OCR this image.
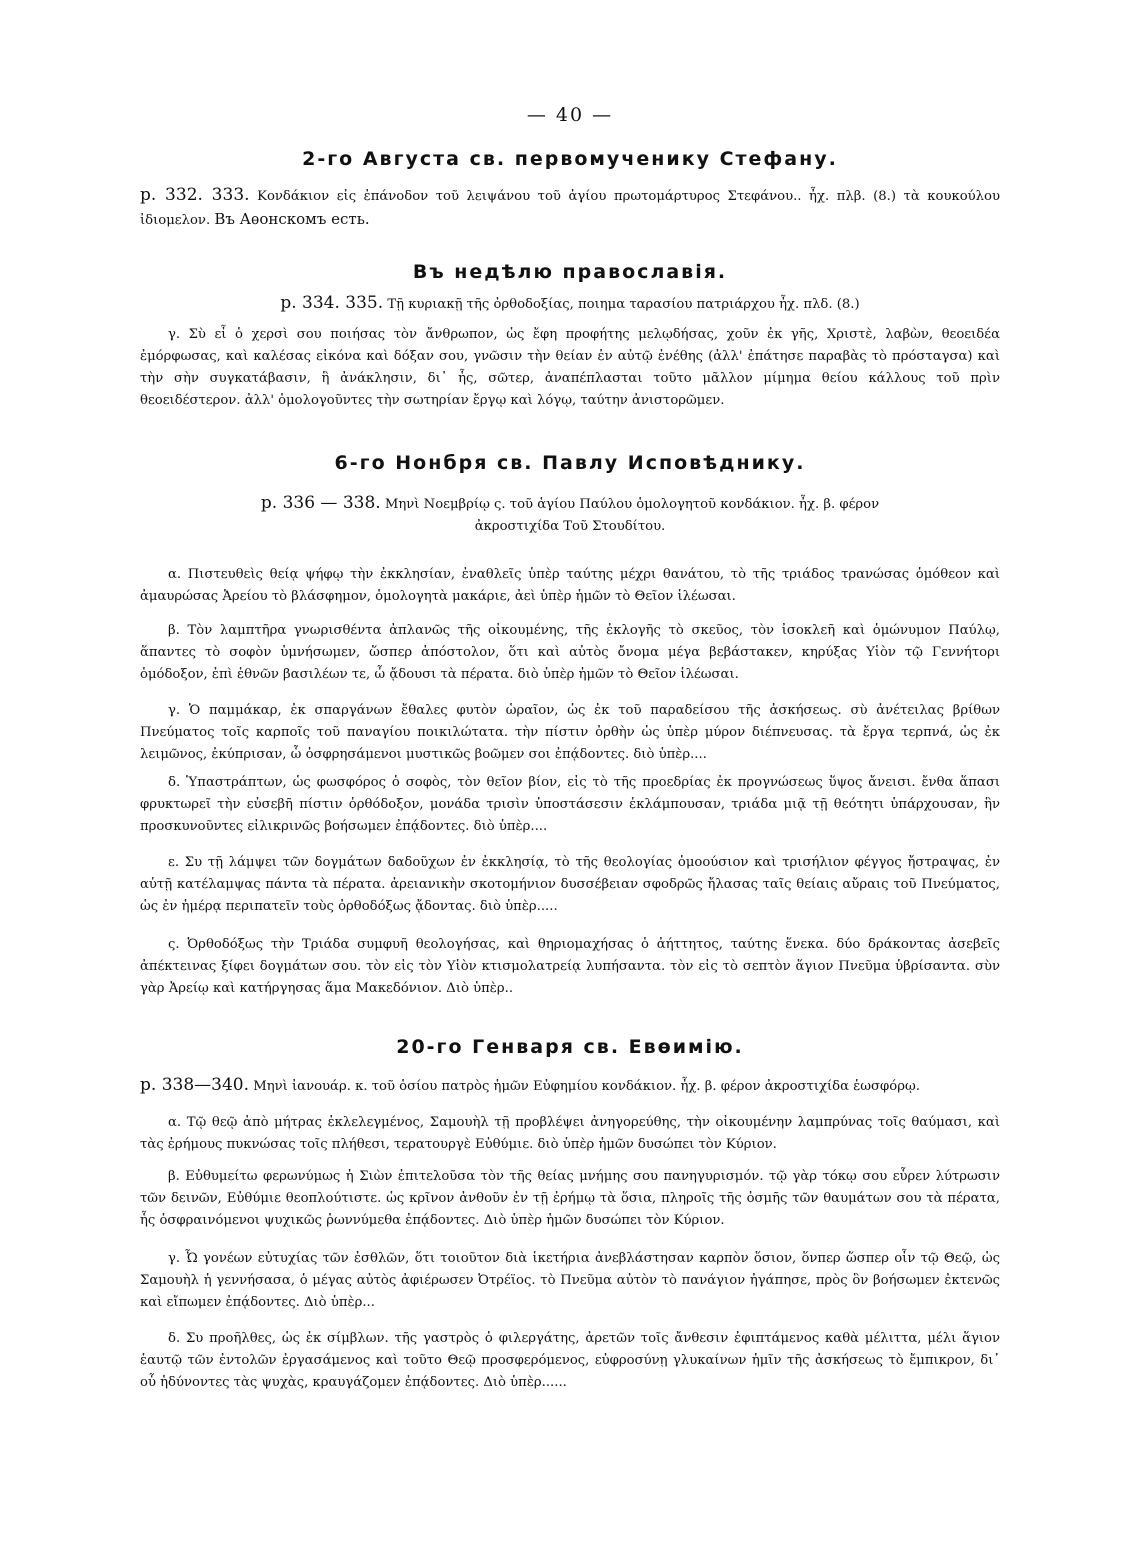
— 40 —
2-го Августа св. первомученику Стефану.

p. 332. 333. Κονδάκιον εἰς ἐπάνοδον τοῦ λειψάνου τοῦ ἁγίου πρωτομάρτυρος Στεφάνου.. ἦχ. πλβ. (8.) τὰ κουκούλου ἰδιομελον. Въ Аѳонскомъ есть.

Въ недѣлю православія.

p. 334. 335. Τῇ κυριακῇ τῆς ὀρθοδοξίας, ποιημα ταρασίου πατριάρχου ἦχ. πλδ. (8.)

γ. Σὺ εἶ ὁ χερσὶ σου ποιήσας τὸν ἄνθρωπον, ὡς ἔφη προφήτης μελῳδήσας, χοῦν ἐκ γῆς, Χριστὲ, λαβὼν, θεοειδέα ἐμόρφωσας, καὶ καλέσας εἰκόνα καὶ δόξαν σου, γνῶσιν τὴν θείαν ἐν αὐτῷ ἐνέθης (ἀλλ' ἐπάτησε παραβὰς τὸ πρόσταγσα) καὶ τὴν σὴν συγκατάβασιν, ἣ ἀνάκλησιν, δι᾽ ἧς, σῶτερ, ἀναπέπλασται τοῦτο μᾶλλον μίμημα θείου κάλλους τοῦ πρὶν θεοειδέστερον. ἀλλ' ὁμολογοῦντες τὴν σωτηρίαν ἔργῳ καὶ λόγῳ, ταύτην ἀνιστορῶμεν.

6-го Нонбря св. Павлу Исповѣднику.

p. 336 — 338. Μηνὶ Νοεμβρίῳ ς. τοῦ ἁγίου Παύλου ὁμολογητοῦ κονδάκιον. ἦχ. β. φέρον
ἀκροστιχίδα Τοῦ Στουδίτου.

α. Πιστευθεὶς θείᾳ ψήφῳ τὴν ἐκκλησίαν, ἐναθλεῖς ὑπὲρ ταύτης μέχρι θανάτου, τὸ τῆς τριάδος τρανώσας ὁμόθεον καὶ ἀμαυρώσας Ἀρείου τὸ βλάσφημον, ὁμολογητὰ μακάριε, ἀεὶ ὑπὲρ ἡμῶν τὸ Θεῖον ἱλέωσαι.

β. Τὸν λαμπτῆρα γνωρισθέντα ἀπλανῶς τῆς οἰκουμένης, τῆς ἐκλογῆς τὸ σκεῦος, τὸν ἰσοκλεῆ καὶ ὁμώνυμον Παύλῳ, ἅπαντες τὸ σοφὸν ὑμνήσωμεν, ὥσπερ ἀπόστολον, ὅτι καὶ αὐτὸς ὄνομα μέγα βεβάστακεν, κηρύξας Υἱὸν τῷ Γεννήτορι ὁμόδοξον, ἐπὶ ἐθνῶν βασιλέων τε, ὦ ᾄδουσι τὰ πέρατα. διὸ ὑπὲρ ἡμῶν τὸ Θεῖον ἱλέωσαι.

γ. Ὁ παμμάκαρ, ἐκ σπαργάνων ἔθαλες φυτὸν ὡραῖον, ὡς ἐκ τοῦ παραδείσου τῆς ἀσκήσεως. σὺ ἀνέτειλας βρίθων Πνεύματος τοῖς καρποῖς τοῦ παναγίου ποικιλώτατα. τὴν πίστιν ὀρθὴν ὡς ὑπὲρ μύρον διέπνευσας. τὰ ἔργα τερπνά, ὡς ἐκ λειμῶνος, ἐκύπρισαν, ὧ ὀσφρησάμενοι μυστικῶς βοῶμεν σοι ἐπᾴδοντες. διὸ ὑπὲρ....

δ. Ὑπαστράπτων, ὡς φωσφόρος ὁ σοφὸς, τὸν θεῖον βίον, εἰς τὸ τῆς προεδρίας ἐκ προγνώσεως ὕψος ἄνεισι. ἔνθα ἅπασι φρυκτωρεῖ τὴν εὐσεβῆ πίστιν ὀρθόδοξον, μονάδα τρισὶν ὑποστάσεσιν ἐκλάμπουσαν, τριάδα μιᾷ τῇ θεότητι ὑπάρχουσαν, ἣν προσκυνοῦντες εἰλικρινῶς βοήσωμεν ἐπᾴδοντες. διὸ ὑπὲρ....

ε. Συ τῇ λάμψει τῶν δογμάτων δαδοῦχων ἐν ἐκκλησίᾳ, τὸ τῆς θεολογίας ὁμοούσιον καὶ τρισήλιον φέγγος ἤστραψας, ἐν αὐτῇ κατέλαμψας πάντα τὰ πέρατα. ἀρειανικὴν σκοτομήνιον δυσσέβειαν σφοδρῶς ἤλασας ταῖς θείαις αὔραις τοῦ Πνεύματος, ὡς ἐν ἡμέρᾳ περιπατεῖν τοὺς ὀρθοδόξως ᾄδοντας. διὸ ὑπὲρ.....

ς. Ὀρθοδόξως τὴν Τριάδα συμφυῆ θεολογήσας, καὶ θηριομαχήσας ὁ ἀήττητος, ταύτης ἕνεκα. δύο δράκοντας ἀσεβεῖς ἀπέκτεινας ξίφει δογμάτων σου. τὸν εἰς τὸν Υἱὸν κτισμολατρείᾳ λυπήσαντα. τὸν εἰς τὸ σεπτὸν ἅγιον Πνεῦμα ὑβρίσαντα. σὺν γὰρ Ἀρείῳ καὶ κατήργησας ἅμα Μακεδόνιον. Διὸ ὑπὲρ..

20-го Генваря св. Евѳимію.

p. 338—340. Μηνὶ ἰανουάρ. κ. τοῦ ὁσίου πατρὸς ἡμῶν Εὐφημίου κονδάκιον. ἦχ. β. φέρον ἀκροστιχίδα ἑωσφόρῳ.

α. Τῷ θεῷ ἀπὸ μήτρας ἐκλελεγμένος, Σαμουὴλ τῇ προβλέψει ἀνηγορεύθης, τὴν οἰκουμένην λαμπρύνας τοῖς θαύμασι, καὶ τὰς ἐρήμους πυκνώσας τοῖς πλήθεσι, τερατουργὲ Εὐθύμιε. διὸ ὑπὲρ ἡμῶν δυσώπει τὸν Κύριον.

β. Εὐθυμείτω φερωνύμως ἡ Σιὼν ἐπιτελοῦσα τὸν τῆς θείας μνήμης σου πανηγυρισμόν. τῷ γὰρ τόκῳ σου εὗρεν λύτρωσιν τῶν δεινῶν, Εὐθύμιε θεοπλούτιστε. ὡς κρῖνον ἀνθοῦν ἐν τῇ ἐρήμῳ τὰ ὅσια, πληροῖς τῆς ὀσμῆς τῶν θαυμάτων σου τὰ πέρατα, ἧς ὀσφραινόμενοι ψυχικῶς ῥωννύμεθα ἐπᾴδοντες. Διὸ ὑπὲρ ἡμῶν δυσώπει τὸν Κύριον.

γ. Ὦ γονέων εὐτυχίας τῶν ἐσθλῶν, ὅτι τοιοῦτον διὰ ἱκετήρια ἀνεβλάστησαν καρπὸν ὅσιον, ὅνπερ ὥσπερ οἶν τῷ Θεῷ, ὡς Σαμουὴλ ἡ γεννήσασα, ὁ μέγας αὐτὸς ἀφιέρωσεν Ὀτρέϊος. τὸ Πνεῦμα αὐτὸν τὸ πανάγιον ἠγάπησε, πρὸς ὃν βοήσωμεν ἐκτενῶς καὶ εἴπωμεν ἐπᾴδοντες. Διὸ ὑπὲρ...

δ. Συ προῆλθες, ὡς ἐκ σίμβλων. τῆς γαστρὸς ὁ φιλεργάτης, ἀρετῶν τοῖς ἄνθεσιν ἐφιπτάμενος καθὰ μέλιττα, μέλι ἅγιον ἑαυτῷ τῶν ἐντολῶν ἐργασάμενος καὶ τοῦτο Θεῷ προσφερόμενος, εὐφροσύνῃ γλυκαίνων ἡμῖν τῆς ἀσκήσεως τὸ ἔμπικρον, δι᾽ οὗ ἡδύνοντες τὰς ψυχὰς, κραυγάζομεν ἐπᾴδοντες. Διὸ ὑπὲρ......
